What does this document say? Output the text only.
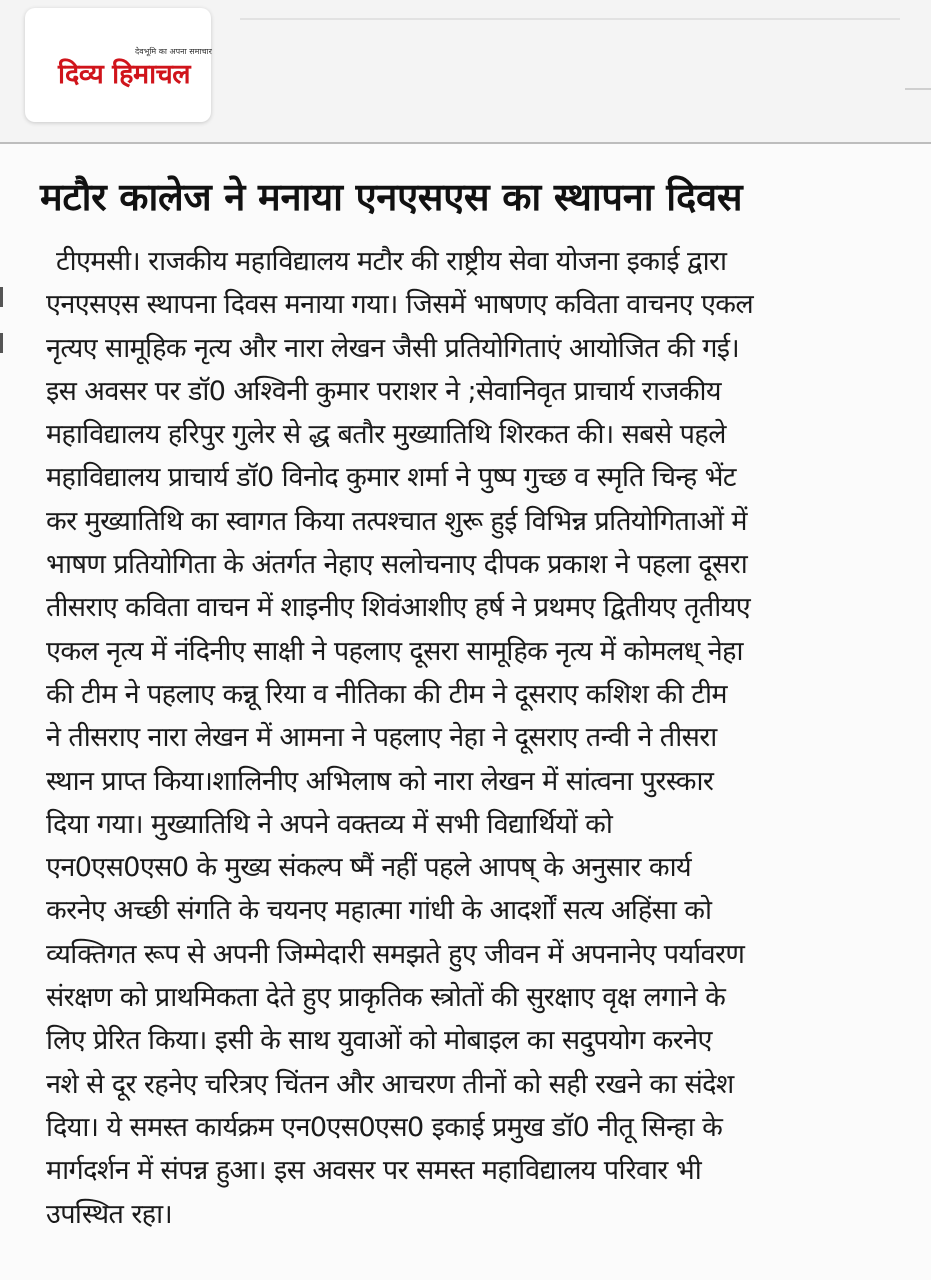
देवभूमि का अपना समाचार
दिव्य हिमाचल
मटौर कालेज ने मनाया एनएसएस का स्थापना दिवस
टीएमसी। राजकीय महाविद्यालय मटौर की राष्ट्रीय सेवा योजना इकाई द्वारा
एनएसएस स्थापना दिवस मनाया गया। जिसमें भाषणए कविता वाचनए एकल
नृत्यए सामूहिक नृत्य और नारा लेखन जैसी प्रतियोगिताएं आयोजित की गई।
इस अवसर पर डॉ0 अश्विनी कुमार पराशर ने ;सेवानिवृत प्राचार्य राजकीय
महाविद्यालय हरिपुर गुलेर से द्ध बतौर मुख्यातिथि शिरकत की। सबसे पहले
महाविद्यालय प्राचार्य डॉ0 विनोद कुमार शर्मा ने पुष्प गुच्छ व स्मृति चिन्ह भेंट
कर मुख्यातिथि का स्वागत किया तत्पश्चात शुरू हुई विभिन्न प्रतियोगिताओं में
भाषण प्रतियोगिता के अंतर्गत नेहाए सलोचनाए दीपक प्रकाश ने पहला दूसरा
तीसराए कविता वाचन में शाइनीए शिवंआशीए हर्ष ने प्रथमए द्वितीयए तृतीयए
एकल नृत्य में नंदिनीए साक्षी ने पहलाए दूसरा सामूहिक नृत्य में कोमलध् नेहा
की टीम ने पहलाए कन्नू रिया व नीतिका की टीम ने दूसराए कशिश की टीम
ने तीसराए नारा लेखन में आमना ने पहलाए नेहा ने दूसराए तन्वी ने तीसरा
स्थान प्राप्त किया।शालिनीए अभिलाष को नारा लेखन में सांत्वना पुरस्कार
दिया गया। मुख्यातिथि ने अपने वक्तव्य में सभी विद्यार्थियों को
एन0एस0एस0 के मुख्य संकल्प ष्मैं नहीं पहले आपष् के अनुसार कार्य
करनेए अच्छी संगति के चयनए महात्मा गांधी के आदर्शों सत्य अहिंसा को
व्यक्तिगत रूप से अपनी जिम्मेदारी समझते हुए जीवन में अपनानेए पर्यावरण
संरक्षण को प्राथमिकता देते हुए प्राकृतिक स्त्रोतों की सुरक्षाए वृक्ष लगाने के
लिए प्रेरित किया। इसी के साथ युवाओं को मोबाइल का सदुपयोग करनेए
नशे से दूर रहनेए चरित्रए चिंतन और आचरण तीनों को सही रखने का संदेश
दिया। ये समस्त कार्यक्रम एन0एस0एस0 इकाई प्रमुख डॉ0 नीतू सिन्हा के
मार्गदर्शन में संपन्न हुआ। इस अवसर पर समस्त महाविद्यालय परिवार भी
उपस्थित रहा।
